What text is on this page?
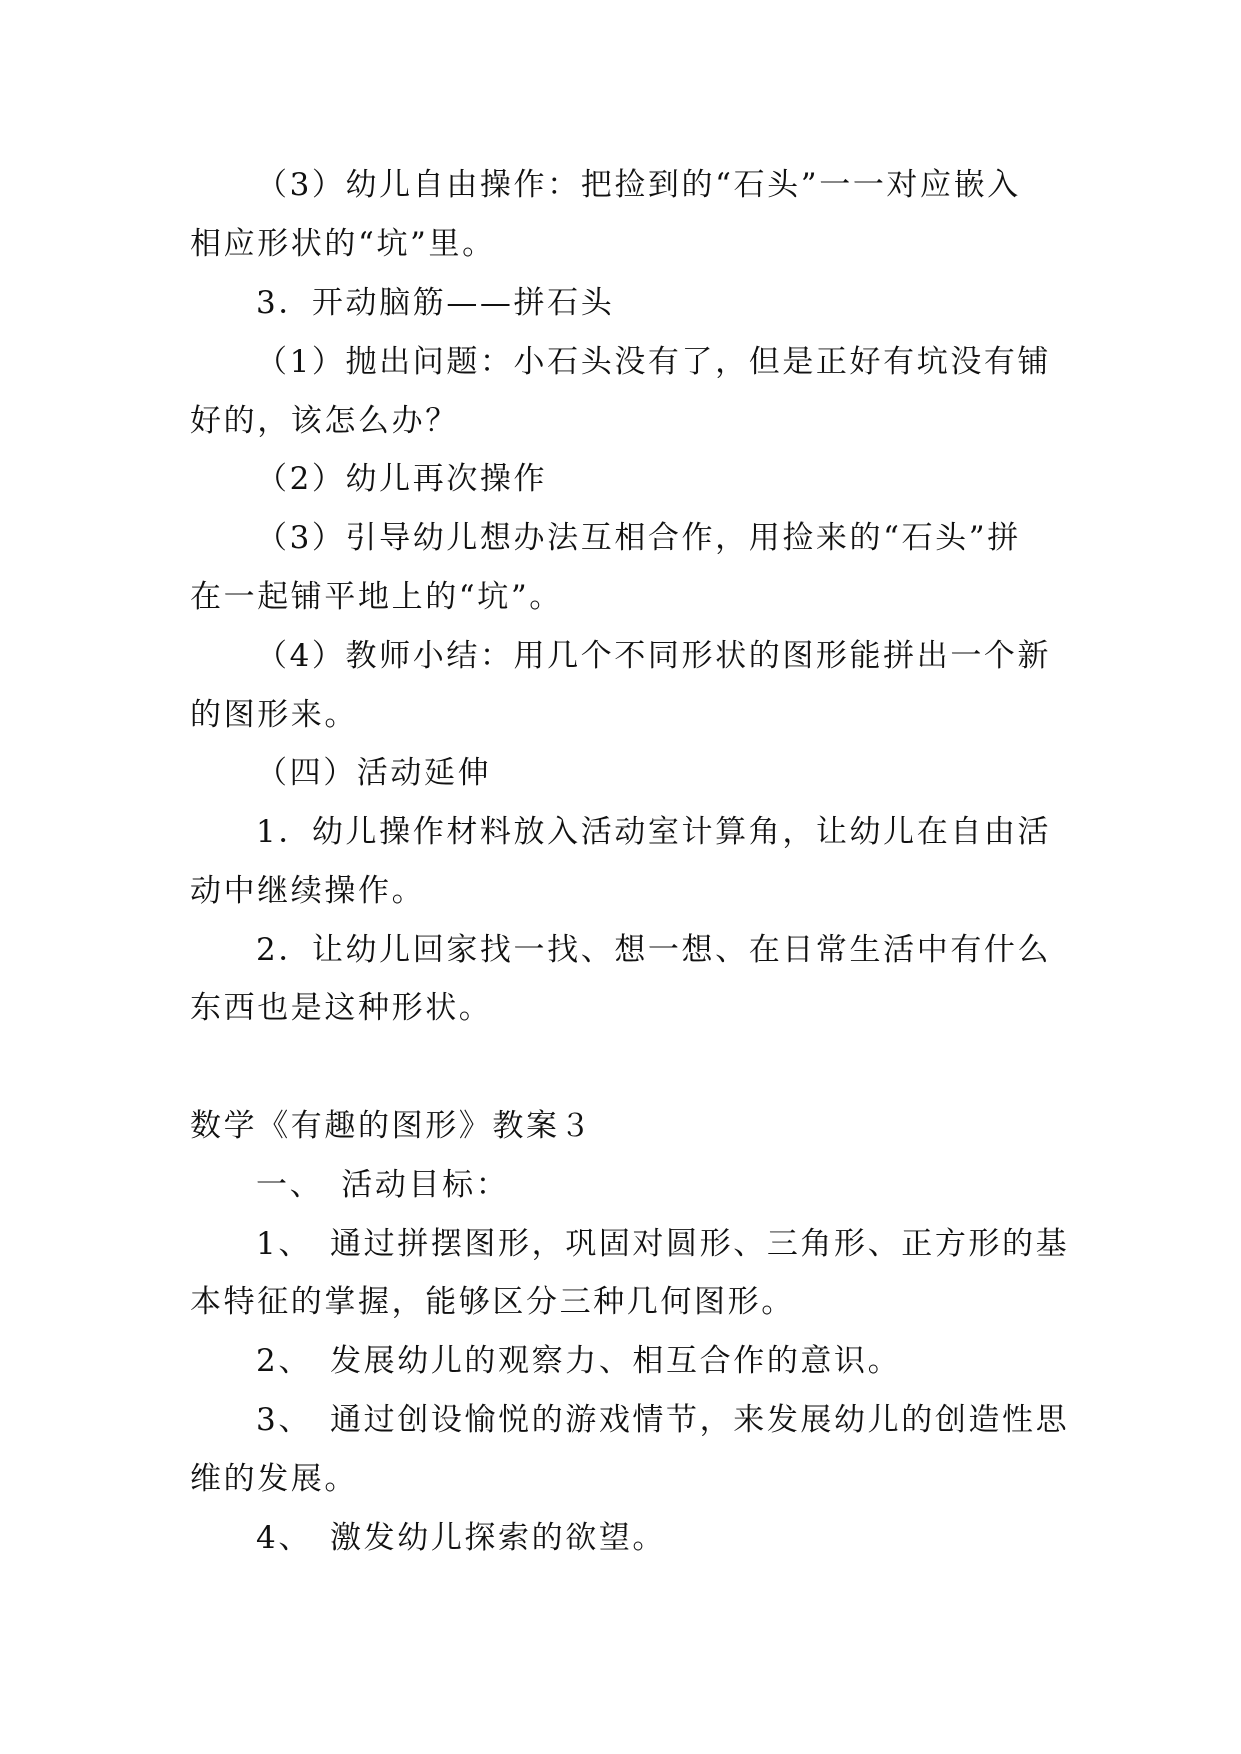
（3）幼儿自由操作：把捡到的“石头”一一对应嵌入
相应形状的“坑”里。
3．开动脑筋——拼石头
（1）抛出问题：小石头没有了，但是正好有坑没有铺
好的，该怎么办？
（2）幼儿再次操作
（3）引导幼儿想办法互相合作，用捡来的“石头”拼
在一起铺平地上的“坑”。
（4）教师小结：用几个不同形状的图形能拼出一个新
的图形来。
（四）活动延伸
1．幼儿操作材料放入活动室计算角，让幼儿在自由活
动中继续操作。
2．让幼儿回家找一找、想一想、在日常生活中有什么
东西也是这种形状。
数学《有趣的图形》教案３
一、　活动目标：
1、　通过拼摆图形，巩固对圆形、三角形、正方形的基
本特征的掌握，能够区分三种几何图形。
2、　发展幼儿的观察力、相互合作的意识。
3、　通过创设愉悦的游戏情节，来发展幼儿的创造性思
维的发展。
4、　激发幼儿探索的欲望。
